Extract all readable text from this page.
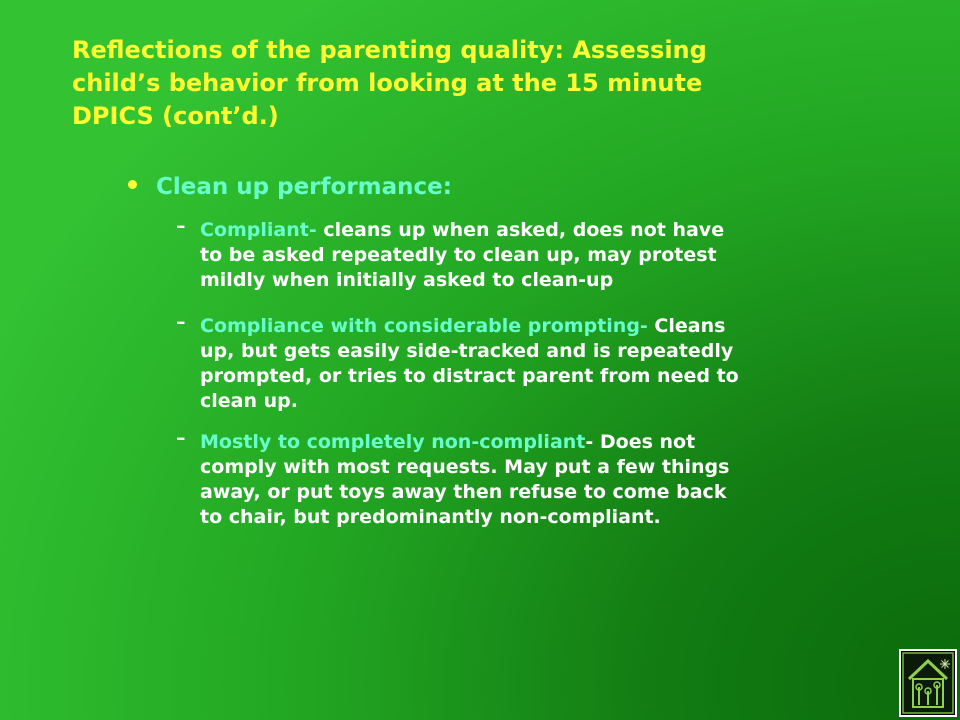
Reflections of the parenting quality: Assessing
child’s behavior from looking at the 15 minute
DPICS (cont’d.)
Clean up performance:
– Compliant- cleans up when asked, does not have
to be asked repeatedly to clean up, may protest
mildly when initially asked to clean-up
– Compliance with considerable prompting- Cleans
up, but gets easily side-tracked and is repeatedly
prompted, or tries to distract parent from need to
clean up.
– Mostly to completely non-compliant- Does not
comply with most requests. May put a few things
away, or put toys away then refuse to come back
to chair, but predominantly non-compliant.
